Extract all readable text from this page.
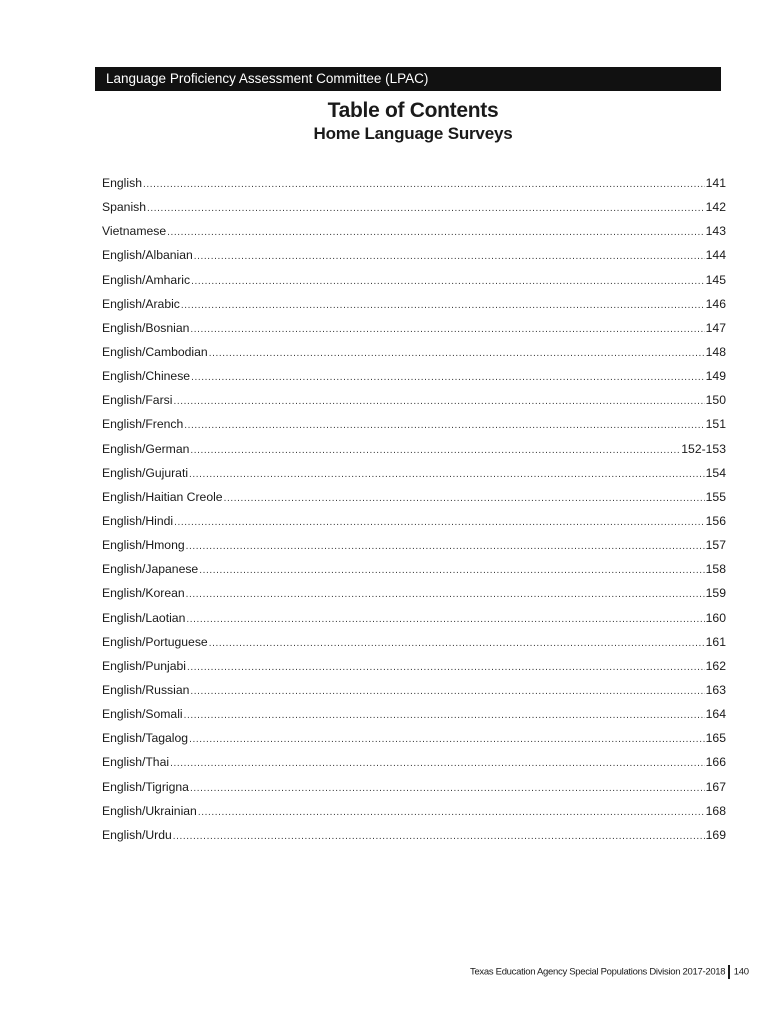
Language Proficiency Assessment Committee (LPAC)
Table of Contents
Home Language Surveys
English .....	141
Spanish .....	142
Vietnamese .....	143
English/Albanian .....	144
English/Amharic .....	145
English/Arabic .....	146
English/Bosnian .....	147
English/Cambodian .....	148
English/Chinese .....	149
English/Farsi .....	150
English/French .....	151
English/German .....	152-153
English/Gujurati .....	154
English/Haitian Creole .....	155
English/Hindi .....	156
English/Hmong .....	157
English/Japanese .....	158
English/Korean .....	159
English/Laotian .....	160
English/Portuguese .....	161
English/Punjabi .....	162
English/Russian .....	163
English/Somali .....	164
English/Tagalog .....	165
English/Thai .....	166
English/Tigrigna .....	167
English/Ukrainian .....	168
English/Urdu .....	169
Texas Education Agency Special Populations Division 2017-2018 140
